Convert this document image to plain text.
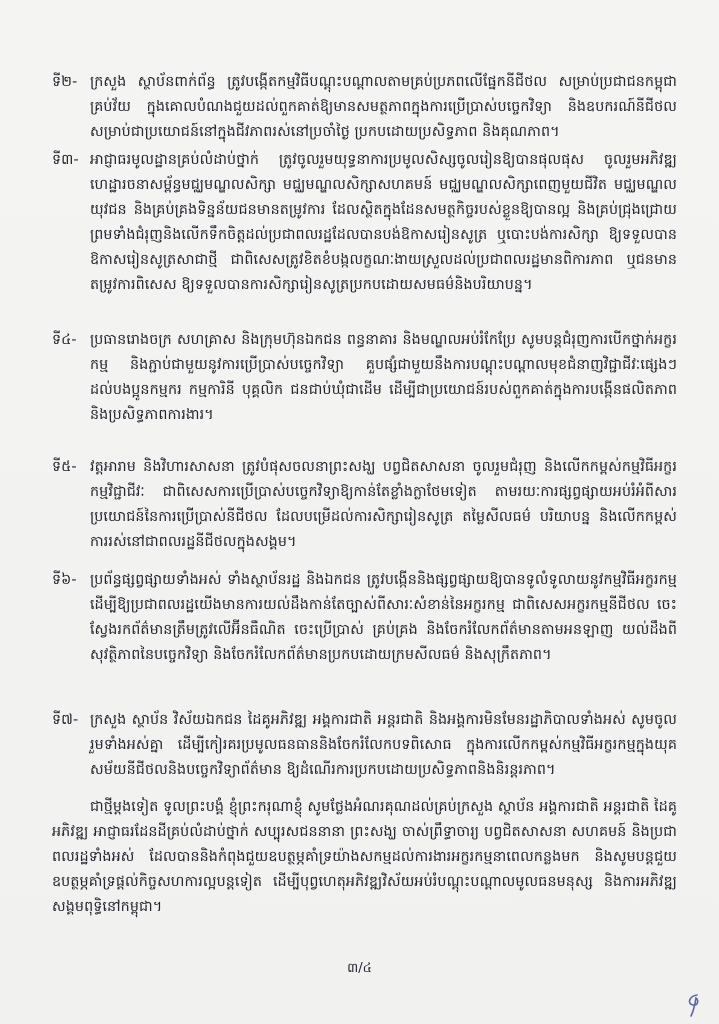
ទី២- ក្រសួង ស្ថាប័នពាក់ព័ន្ធ ត្រូវបង្កើតកម្មវិធីបណ្ដុះបណ្ដាលតាមគ្រប់ប្រភពលើផ្នែកនីជីថល សម្រាប់ប្រជាជនកម្ពុជាគ្រប់វ័យ ក្នុងគោលបំណងជួយដល់ពួកគាត់ឱ្យមានសមត្ថភាពក្នុងការប្រើប្រាស់បច្ចេកវិទ្យា និងឧបករណ៍នីជីថល សម្រាប់ជាប្រយោជន៍នៅក្នុងជីវភាពរស់នៅប្រចាំថ្ងៃ ប្រកបដោយប្រសិទ្ធភាព និងគុណភាព។
ទី៣- អាជ្ញាធរមូលដ្ឋានគ្រប់លំដាប់ថ្នាក់ ត្រូវចូលរួមយុទ្ធនាការប្រមូលសិស្សចូលរៀនឱ្យបានផុលផុស ចូលរួមអភិវឌ្ឍហេដ្ឋារចនាសម្ព័ន្ធមជ្ឈមណ្ឌលសិក្សា មជ្ឈមណ្ឌលសិក្សាសហគមន៍ មជ្ឈមណ្ឌលសិក្សាពេញមួយជីវិត មជ្ឈមណ្ឌលយុវជន និងគ្រប់គ្រងទិន្នន័យជនមានតម្រូវការ ដែលស្ថិតក្នុងដែនសមត្ថកិច្ចរបស់ខ្លួនឱ្យបានល្អ និងគ្រប់ជ្រុងជ្រោយ ព្រមទាំងជំរុញនិងលើកទឹកចិត្តដល់ប្រជាពលរដ្ឋដែលបានបង់ឱកាសរៀនសូត្រ ឬបោះបង់ការសិក្សា ឱ្យទទួលបានឱកាសរៀនសូត្រសាជាថ្មី ជាពិសេសត្រូវខិតខំបង្កលក្ខណៈងាយស្រួលដល់ប្រជាពលរដ្ឋមានពិការភាព ឬជនមានតម្រូវការពិសេស ឱ្យទទួលបានការសិក្សារៀនសូត្រប្រកបដោយសមធម៌និងបរិយាបន្ន។
ទី៤- ប្រធានរោងចក្រ សហគ្រាស និងក្រុមហ៊ុនឯកជន ពន្ធនាគារ និងមណ្ឌលអប់រំកែប្រែ សូមបន្តជំរុញការបើកថ្នាក់អក្ខរកម្ម និងភ្ជាប់ជាមួយនូវការប្រើប្រាស់បច្ចេកវិទ្យា គួបផ្សំជាមួយនឹងការបណ្ដុះបណ្ដាលមុខជំនាញវិជ្ជាជីវៈផ្សេងៗ ដល់បងប្អូនកម្មករ កម្មការិនី បុគ្គលិក ជនជាប់ឃុំជាដើម ដើម្បីជាប្រយោជន៍របស់ពួកគាត់ក្នុងការបង្កើនផលិតភាព និងប្រសិទ្ធភាពការងារ។
ទី៥- វត្តអារាម និងវិហារសាសនា ត្រូវបំផុសចលនាព្រះសង្ឃ បព្វជិតសាសនា ចូលរួមជំរុញ និងលើកកម្ពស់កម្មវិធីអក្ខរកម្មវិជ្ជាជីវៈ ជាពិសេសការប្រើប្រាស់បច្ចេកវិទ្យាឱ្យកាន់តែខ្លាំងក្លាថែមទៀត តាមរយៈការផ្សព្វផ្សាយអប់រំអំពីសារប្រយោជន៍នៃការប្រើប្រាស់នីជីថល ដែលបម្រើដល់ការសិក្សារៀនសូត្រ តម្លៃសីលធម៌ បរិយាបន្ន និងលើកកម្ពស់ការរស់នៅជាពលរដ្ឋនីជីថលក្នុងសង្គម។
ទី៦- ប្រព័ន្ធផ្សព្វផ្សាយទាំងអស់ ទាំងស្ថាប័នរដ្ឋ និងឯកជន ត្រូវបង្កើននិងផ្សព្វផ្សាយឱ្យបានទូលំទូលាយនូវកម្មវិធីអក្ខរកម្ម ដើម្បីឱ្យប្រជាពលរដ្ឋយើងមានការយល់ដឹងកាន់តែច្បាស់ពីសារៈសំខាន់នៃអក្ខរកម្ម ជាពិសេសអក្ខរកម្មនីជីថល ចេះស្វែងរកព័ត៌មានត្រឹមត្រូវលើអ៊ីនធឺណិត ចេះប្រើប្រាស់ គ្រប់គ្រង និងចែករំលែកព័ត៌មានតាមអនឡាញ យល់ដឹងពីសុវត្ថិភាពនៃបច្ចេកវិទ្យា និងចែករំលែកព័ត៌មានប្រកបដោយក្រមសីលធម៌ និងសុក្រឹតភាព។
ទី៧- ក្រសួង ស្ថាប័ន វិស័យឯកជន ដៃគូអភិវឌ្ឍ អង្គការជាតិ អន្តរជាតិ និងអង្គការមិនមែនរដ្ឋាភិបាលទាំងអស់ សូមចូលរួមទាំងអស់គ្នា ដើម្បីកៀរគរប្រមូលធនធាននិងចែករំលែកបទពិសោធ ក្នុងការលើកកម្ពស់កម្មវិធីអក្ខរកម្មក្នុងយុគសម័យនីជីថលនិងបច្ចេកវិទ្យាព័ត៌មាន ឱ្យដំណើរការប្រកបដោយប្រសិទ្ធភាពនិងនិរន្តរភាព។
ជាថ្មីម្ដងទៀត ទូលព្រះបង្គំ ខ្ញុំព្រះករុណាខ្ញុំ សូមថ្លែងអំណរគុណដល់គ្រប់ក្រសួង ស្ថាប័ន អង្គការជាតិ អន្តរជាតិ ដៃគូអភិវឌ្ឍ អាជ្ញាធរដែនដីគ្រប់លំដាប់ថ្នាក់ សប្បុរសជននានា ព្រះសង្ឃ ចាស់ព្រឹទ្ធាចារ្យ បព្វជិតសាសនា សហគមន៍ និងប្រជាពលរដ្ឋទាំងអស់ ដែលបាននិងកំពុងជួយឧបត្ថម្ភគាំទ្រយ៉ាងសកម្មដល់ការងារអក្ខរកម្មនាពេលកន្លងមក និងសូមបន្តជួយឧបត្ថម្ភគាំទ្រផ្ដល់កិច្ចសហការល្អបន្តទៀត ដើម្បីបុព្វហេតុអភិវឌ្ឍវិស័យអប់រំបណ្ដុះបណ្ដាលមូលធនមនុស្ស និងការអភិវឌ្ឍសង្គមពុទ្ធិនៅកម្ពុជា។
៣/៤
